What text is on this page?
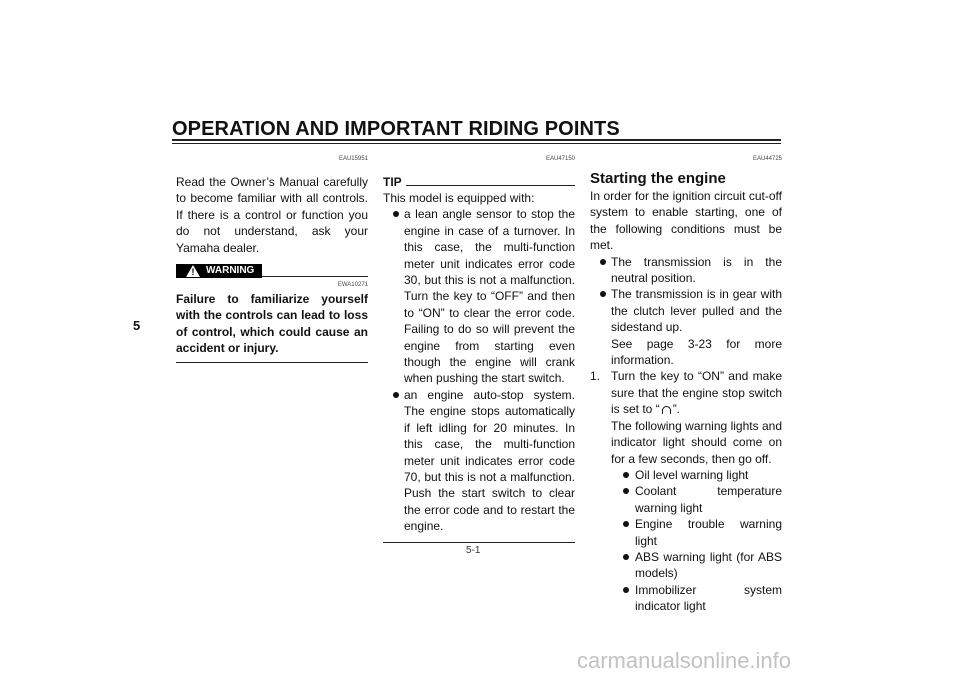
OPERATION AND IMPORTANT RIDING POINTS
5
EAU15951
Read the Owner’s Manual carefully to become familiar with all controls. If there is a control or function you do not understand, ask your Yamaha dealer.
! WARNING
EWA10271
Failure to familiarize yourself with the controls can lead to loss of control, which could cause an accident or injury.
EAU47150
TIP
This model is equipped with:
a lean angle sensor to stop the engine in case of a turnover. In this case, the multi-function meter unit indicates error code 30, but this is not a malfunction. Turn the key to “OFF” and then to “ON” to clear the error code. Failing to do so will prevent the engine from starting even though the engine will crank when pushing the start switch.
an engine auto-stop system. The engine stops automatically if left idling for 20 minutes. In this case, the multi-function meter unit indicates error code 70, but this is not a malfunction. Push the start switch to clear the error code and to restart the engine.
EAU44725
Starting the engine
In order for the ignition circuit cut-off system to enable starting, one of the following conditions must be met.
The transmission is in the neutral position.
The transmission is in gear with the clutch lever pulled and the sidestand up.
See page 3-23 for more information.
1. Turn the key to “ON” and make sure that the engine stop switch is set to “ ”.

The following warning lights and indicator light should come on for a few seconds, then go off.

Oil level warning light
Coolant temperature warning light
Engine trouble warning light
ABS warning light (for ABS models)
Immobilizer system indicator light
5-1
carmanualsonline.info
